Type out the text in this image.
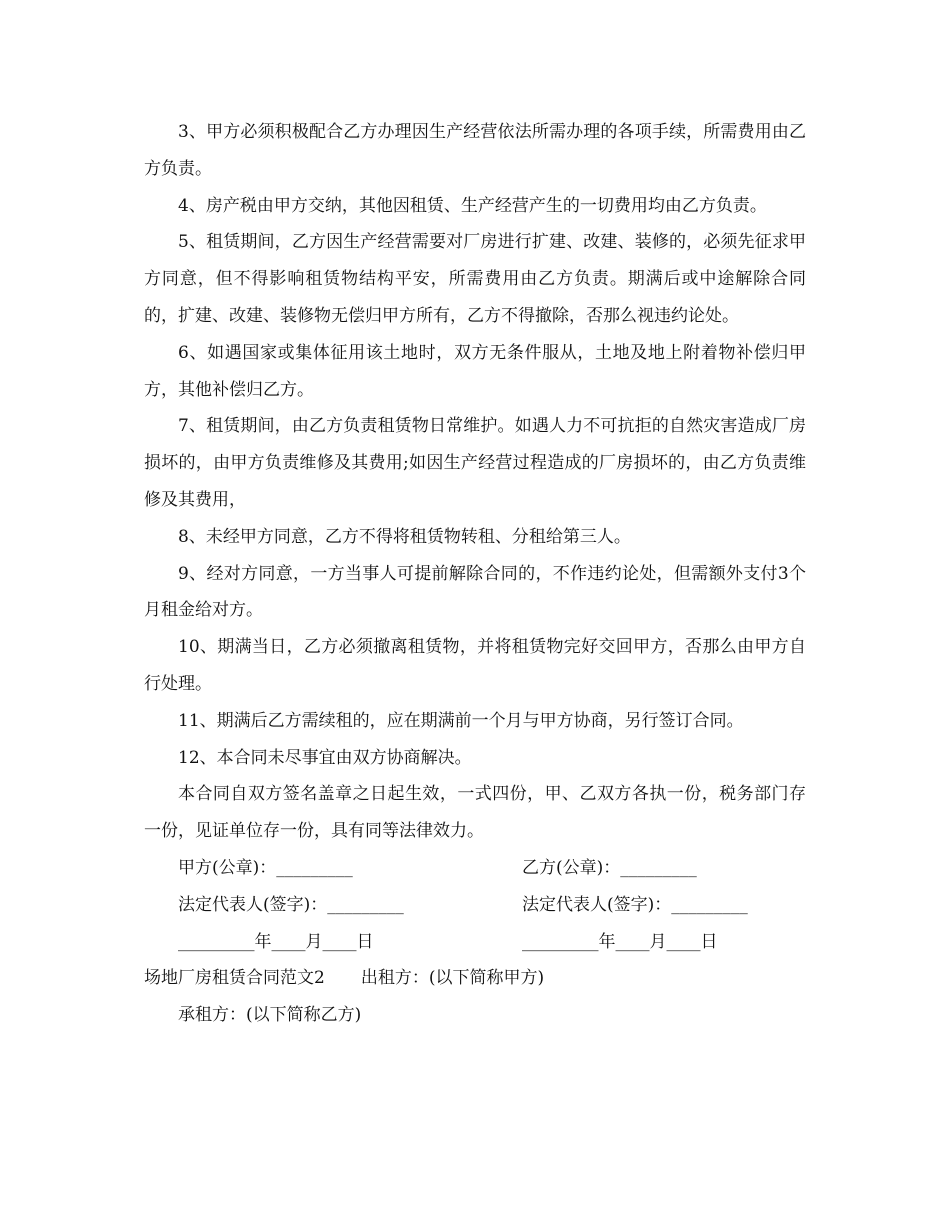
3、甲方必须积极配合乙方办理因生产经营依法所需办理的各项手续，所需费用由乙方负责。

4、房产税由甲方交纳，其他因租赁、生产经营产生的一切费用均由乙方负责。

5、租赁期间，乙方因生产经营需要对厂房进行扩建、改建、装修的，必须先征求甲方同意，但不得影响租赁物结构平安，所需费用由乙方负责。期满后或中途解除合同的，扩建、改建、装修物无偿归甲方所有，乙方不得撤除，否那么视违约论处。

6、如遇国家或集体征用该土地时，双方无条件服从，土地及地上附着物补偿归甲方，其他补偿归乙方。

7、租赁期间，由乙方负责租赁物日常维护。如遇人力不可抗拒的自然灾害造成厂房损坏的，由甲方负责维修及其费用;如因生产经营过程造成的厂房损坏的，由乙方负责维修及其费用，

8、未经甲方同意，乙方不得将租赁物转租、分租给第三人。

9、经对方同意，一方当事人可提前解除合同的，不作违约论处，但需额外支付3个月租金给对方。

10、期满当日，乙方必须撤离租赁物，并将租赁物完好交回甲方，否那么由甲方自行处理。

11、期满后乙方需续租的，应在期满前一个月与甲方协商，另行签订合同。

12、本合同未尽事宜由双方协商解决。

本合同自双方签名盖章之日起生效，一式四份，甲、乙双方各执一份，税务部门存一份，见证单位存一份，具有同等法律效力。

甲方(公章)：_________	乙方(公章)：_________
法定代表人(签字)：_________	法定代表人(签字)：_________
_________年____月____日	_________年____月____日
场地厂房租赁合同范文2 出租方：(以下简称甲方)
承租方：(以下简称乙方)
